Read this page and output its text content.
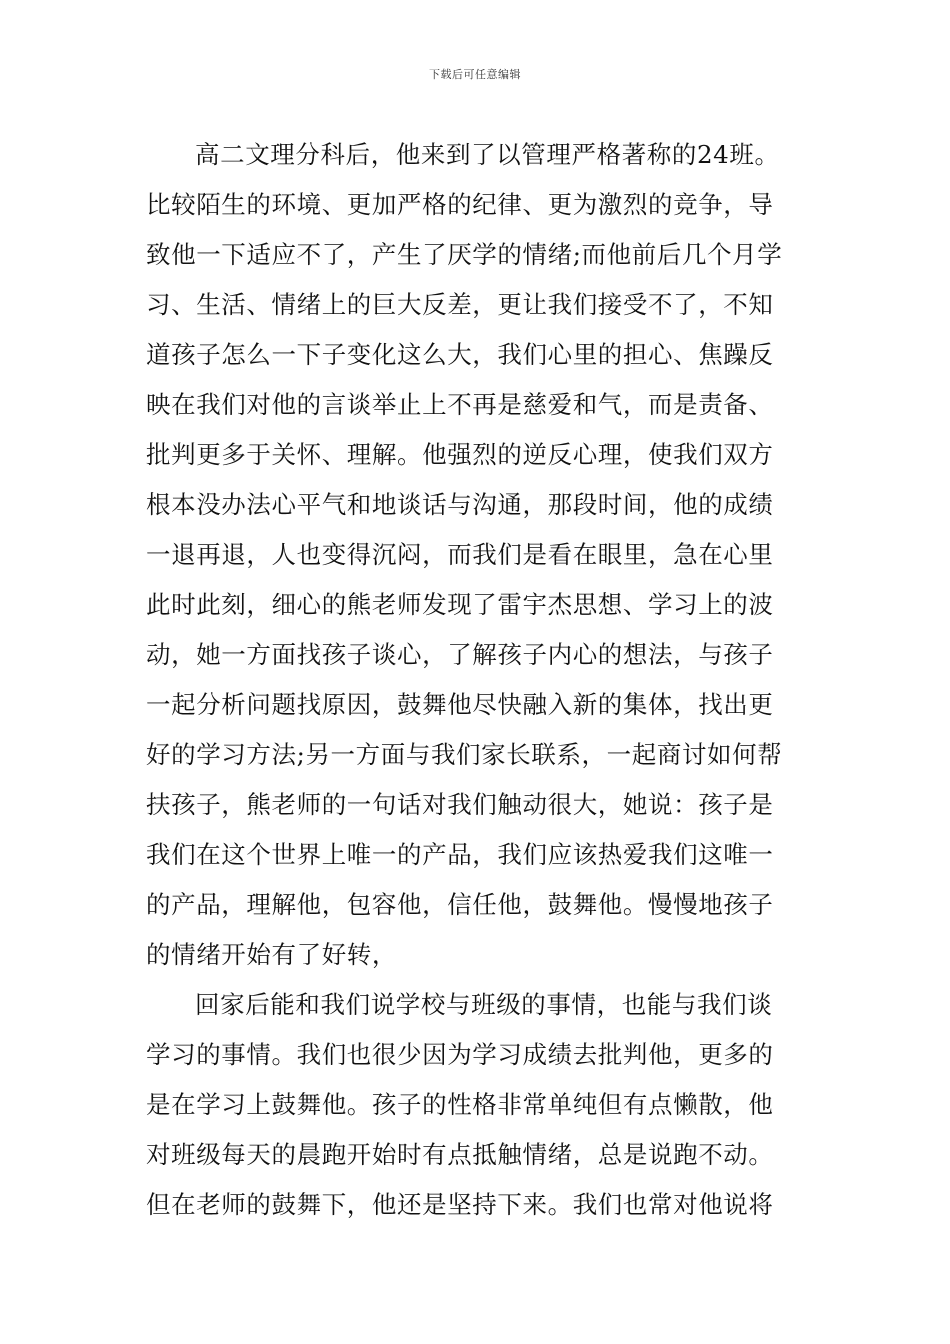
下载后可任意编辑
高二文理分科后，他来到了以管理严格著称的24班。
比较陌生的环境、更加严格的纪律、更为激烈的竞争，导
致他一下适应不了，产生了厌学的情绪;而他前后几个月学
习、生活、情绪上的巨大反差，更让我们接受不了，不知
道孩子怎么一下子变化这么大，我们心里的担心、焦躁反
映在我们对他的言谈举止上不再是慈爱和气，而是责备、
批判更多于关怀、理解。他强烈的逆反心理，使我们双方
根本没办法心平气和地谈话与沟通，那段时间，他的成绩
一退再退，人也变得沉闷，而我们是看在眼里，急在心里
此时此刻，细心的熊老师发现了雷宇杰思想、学习上的波
动，她一方面找孩子谈心，了解孩子内心的想法，与孩子
一起分析问题找原因，鼓舞他尽快融入新的集体，找出更
好的学习方法;另一方面与我们家长联系，一起商讨如何帮
扶孩子，熊老师的一句话对我们触动很大，她说：孩子是
我们在这个世界上唯一的产品，我们应该热爱我们这唯一
的产品，理解他，包容他，信任他，鼓舞他。慢慢地孩子
的情绪开始有了好转，
回家后能和我们说学校与班级的事情，也能与我们谈
学习的事情。我们也很少因为学习成绩去批判他，更多的
是在学习上鼓舞他。孩子的性格非常单纯但有点懒散，他
对班级每天的晨跑开始时有点抵触情绪，总是说跑不动。
但在老师的鼓舞下，他还是坚持下来。我们也常对他说将
